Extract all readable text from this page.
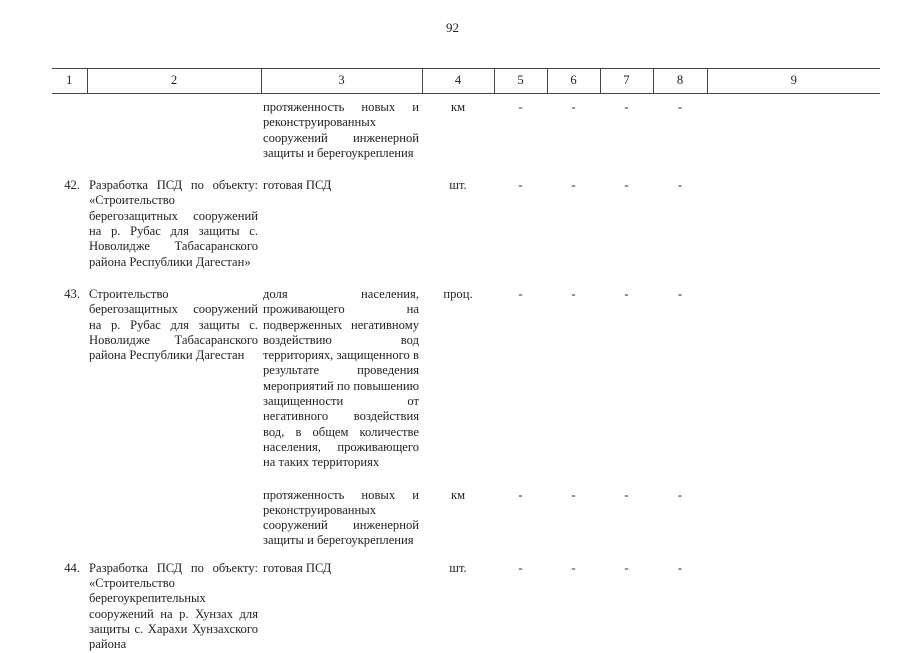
92
1	2	3	4	5	6	7	8	9
		протяженность новых и реконструированных сооружений инженерной защиты и берегоукрепления	км	-	-	-	-	
42.	Разработка ПСД по объекту: «Строительство берегозащитных сооружений на р. Рубас для защиты с. Новолидже Табасаранского района Республики Дагестан»	готовая ПСД	шт.	-	-	-	-	
43.	Строительство берегозащитных сооружений на р. Рубас для защиты с. Новолидже Табасаранского района Республики Дагестан	доля населения, проживающего на подверженных негативному воздействию вод территориях, защищенного в результате проведения мероприятий по повышению защищенности от негативного воздействия вод, в общем количестве населения, проживающего на таких территориях	проц.	-	-	-	-	
		протяженность новых и реконструированных сооружений инженерной защиты и берегоукрепления	км	-	-	-	-	
44.	Разработка ПСД по объекту: «Строительство берегоукрепительных сооружений на р. Хунзах для защиты с. Харахи Хунзахского района	готовая ПСД	шт.	-	-	-	-	
